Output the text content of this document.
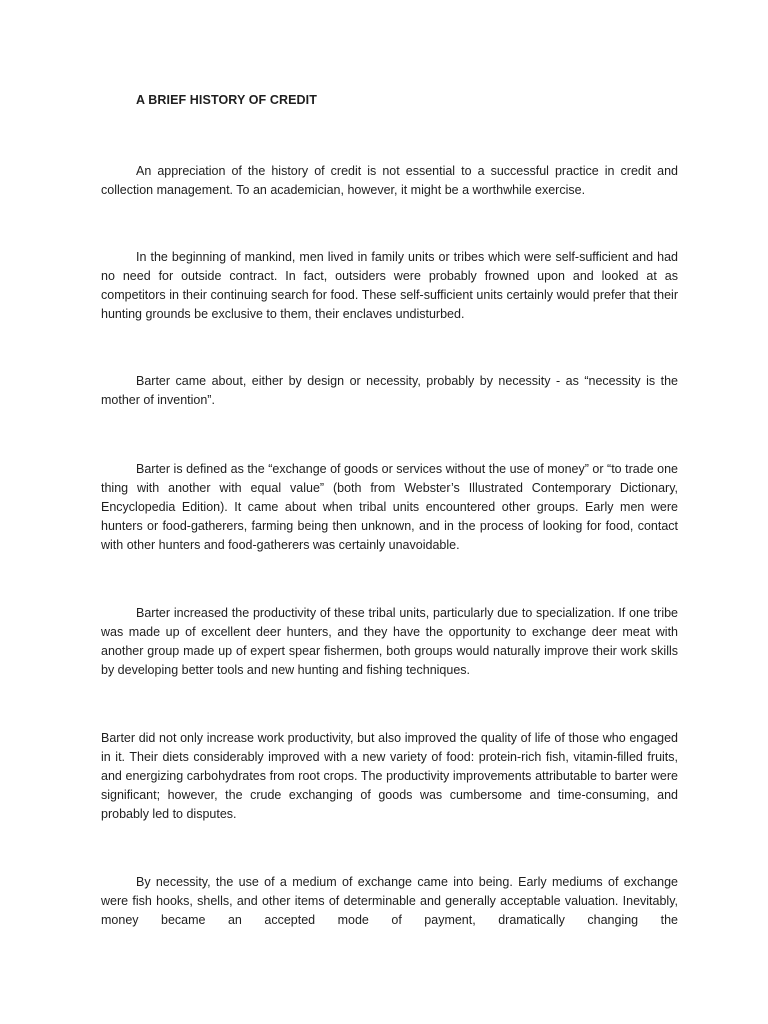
A BRIEF HISTORY OF CREDIT

An appreciation of the history of credit is not essential to a successful practice in credit and collection management. To an academician, however, it might be a worthwhile exercise.

In the beginning of mankind, men lived in family units or tribes which were self-sufficient and had no need for outside contract. In fact, outsiders were probably frowned upon and looked at as competitors in their continuing search for food. These self-sufficient units certainly would prefer that their hunting grounds be exclusive to them, their enclaves undisturbed.

Barter came about, either by design or necessity, probably by necessity - as “necessity is the mother of invention”.

Barter is defined as the “exchange of goods or services without the use of money” or “to trade one thing with another with equal value” (both from Webster’s Illustrated Contemporary Dictionary, Encyclopedia Edition). It came about when tribal units encountered other groups. Early men were hunters or food-gatherers, farming being then unknown, and in the process of looking for food, contact with other hunters and food-gatherers was certainly unavoidable.

Barter increased the productivity of these tribal units, particularly due to specialization. If one tribe was made up of excellent deer hunters, and they have the opportunity to exchange deer meat with another group made up of expert spear fishermen, both groups would naturally improve their work skills by developing better tools and new hunting and fishing techniques.

Barter did not only increase work productivity, but also improved the quality of life of those who engaged in it. Their diets considerably improved with a new variety of food: protein-rich fish, vitamin-filled fruits, and energizing carbohydrates from root crops. The productivity improvements attributable to barter were significant; however, the crude exchanging of goods was cumbersome and time-consuming, and probably led to disputes.

By necessity, the use of a medium of exchange came into being. Early mediums of exchange were fish hooks, shells, and other items of determinable and generally acceptable valuation. Inevitably, money became an accepted mode of payment, dramatically changing the
